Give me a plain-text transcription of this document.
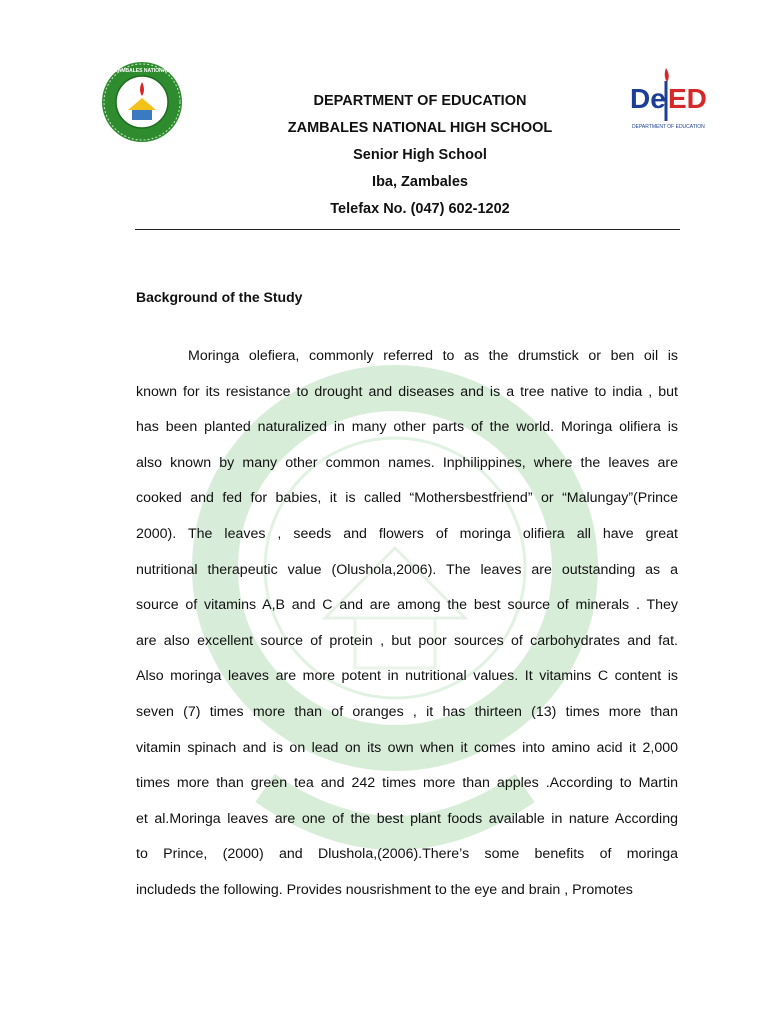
ZAMBALES NATIONAL
De ED
DEPARTMENT OF EDUCATION
DEPARTMENT OF EDUCATION
ZAMBALES NATIONAL HIGH SCHOOL
Senior High School
Iba, Zambales
Telefax No. (047) 602-1202
Background of the Study
Moringa olefiera, commonly referred to as the drumstick or ben oil is
known for its resistance to drought and diseases and is a tree native to india , but
has been planted naturalized in many other parts of the world. Moringa olifiera is
also known by many other common names. Inphilippines, where the leaves are
cooked and fed for babies, it is called “Mothersbestfriend” or “Malungay”(Prince
2000). The leaves , seeds and flowers of moringa olifiera all have great
nutritional therapeutic value (Olushola,2006). The leaves are outstanding as a
source of vitamins A,B and C and are among the best source of minerals . They
are also excellent source of protein , but poor sources of carbohydrates and fat.
Also moringa leaves are more potent in nutritional values. It vitamins C content is
seven (7) times more than of oranges , it has thirteen (13) times more than
vitamin spinach and is on lead on its own when it comes into amino acid it 2,000
times more than green tea and 242 times more than apples .According to Martin
et al.Moringa leaves are one of the best plant foods available in nature According
to Prince, (2000) and Dlushola,(2006).There’s some benefits of moringa
includeds the following. Provides nousrishment to the eye and brain , Promotes
